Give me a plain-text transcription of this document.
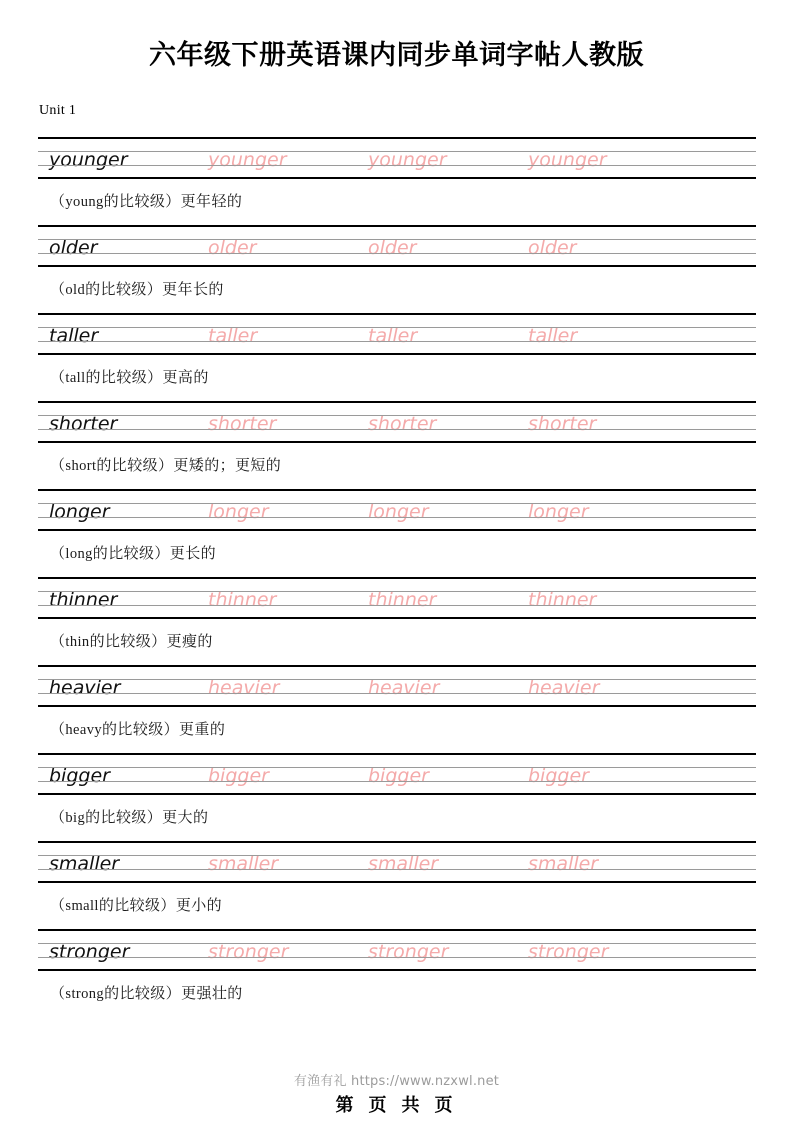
六年级下册英语课内同步单词字帖人教版
Unit 1
younger	younger	younger	younger
（young的比较级）更年轻的
older	older	older	older
（old的比较级）更年长的
taller	taller	taller	taller
（tall的比较级）更高的
shorter	shorter	shorter	shorter
（short的比较级）更矮的；更短的
longer	longer	longer	longer
（long的比较级）更长的
thinner	thinner	thinner	thinner
（thin的比较级）更瘦的
heavier	heavier	heavier	heavier
（heavy的比较级）更重的
bigger	bigger	bigger	bigger
（big的比较级）更大的
smaller	smaller	smaller	smaller
（small的比较级）更小的
stronger	stronger	stronger	stronger
（strong的比较级）更强壮的
有渔有礼 https://www.nzxwl.net
第 页 共 页
